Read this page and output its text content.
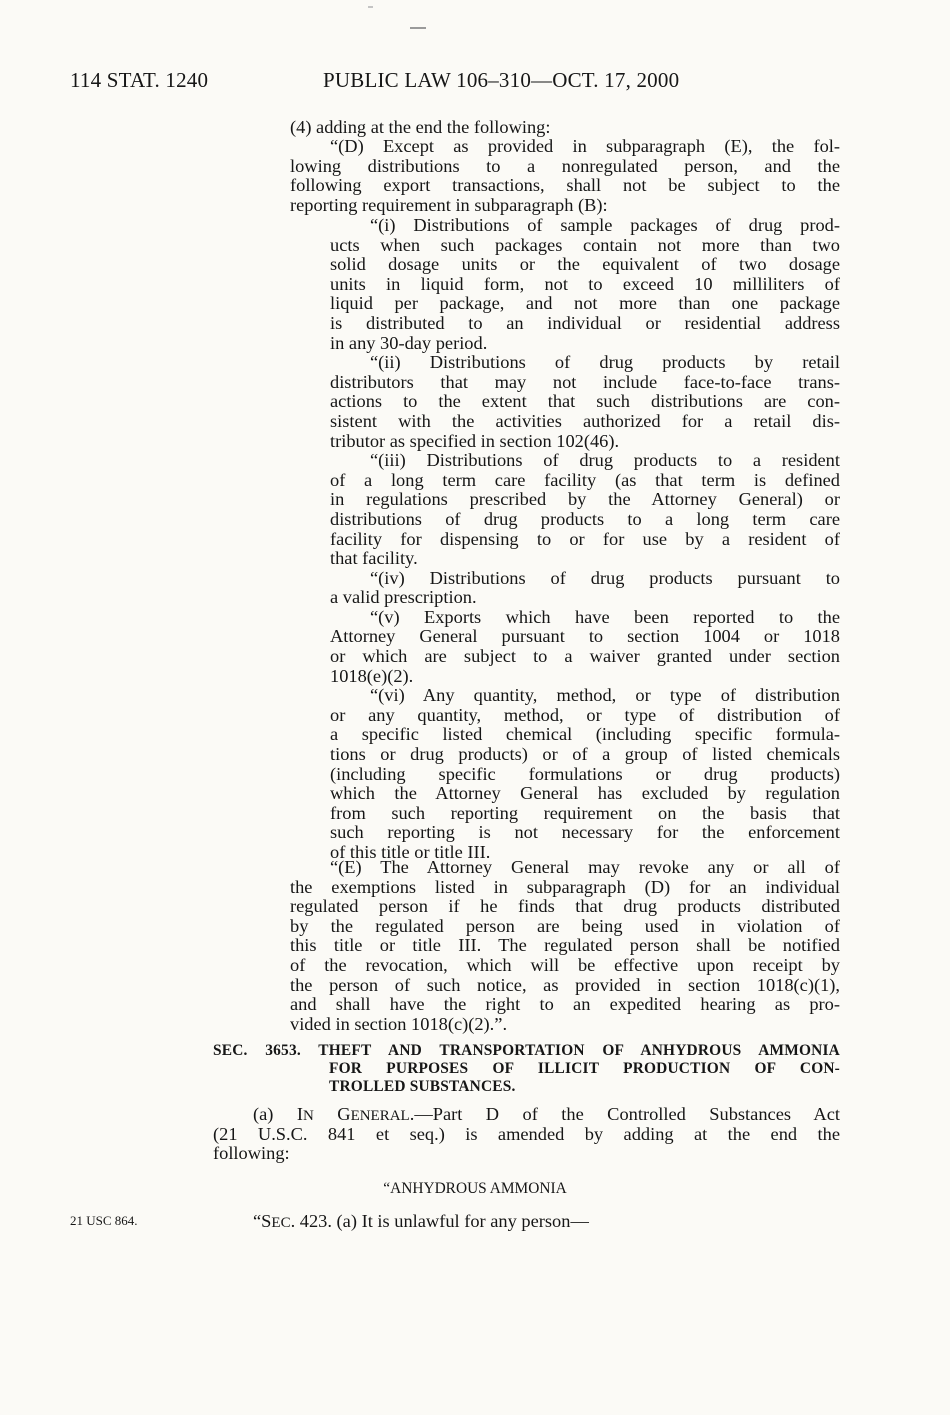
114 STAT. 1240	PUBLIC LAW 106–310—OCT. 17, 2000
(4) adding at the end the following:
“(D) Except as provided in subparagraph (E), the fol-
lowing distributions to a nonregulated person, and the
following export transactions, shall not be subject to the
reporting requirement in subparagraph (B):
“(i) Distributions of sample packages of drug prod-
ucts when such packages contain not more than two
solid dosage units or the equivalent of two dosage
units in liquid form, not to exceed 10 milliliters of
liquid per package, and not more than one package
is distributed to an individual or residential address
in any 30-day period.
“(ii) Distributions of drug products by retail
distributors that may not include face-to-face trans-
actions to the extent that such distributions are con-
sistent with the activities authorized for a retail dis-
tributor as specified in section 102(46).
“(iii) Distributions of drug products to a resident
of a long term care facility (as that term is defined
in regulations prescribed by the Attorney General) or
distributions of drug products to a long term care
facility for dispensing to or for use by a resident of
that facility.
“(iv) Distributions of drug products pursuant to
a valid prescription.
“(v) Exports which have been reported to the
Attorney General pursuant to section 1004 or 1018
or which are subject to a waiver granted under section
1018(e)(2).
“(vi) Any quantity, method, or type of distribution
or any quantity, method, or type of distribution of
a specific listed chemical (including specific formula-
tions or drug products) or of a group of listed chemicals
(including specific formulations or drug products)
which the Attorney General has excluded by regulation
from such reporting requirement on the basis that
such reporting is not necessary for the enforcement
of this title or title III.
“(E) The Attorney General may revoke any or all of
the exemptions listed in subparagraph (D) for an individual
regulated person if he finds that drug products distributed
by the regulated person are being used in violation of
this title or title III. The regulated person shall be notified
of the revocation, which will be effective upon receipt by
the person of such notice, as provided in section 1018(c)(1),
and shall have the right to an expedited hearing as pro-
vided in section 1018(c)(2).”.
SEC. 3653. THEFT AND TRANSPORTATION OF ANHYDROUS AMMONIA
FOR PURPOSES OF ILLICIT PRODUCTION OF CON-
TROLLED SUBSTANCES.
(a) IN GENERAL.—Part D of the Controlled Substances Act
(21 U.S.C. 841 et seq.) is amended by adding at the end the
following:
“ANHYDROUS AMMONIA
21 USC 864.	“SEC. 423. (a) It is unlawful for any person—
